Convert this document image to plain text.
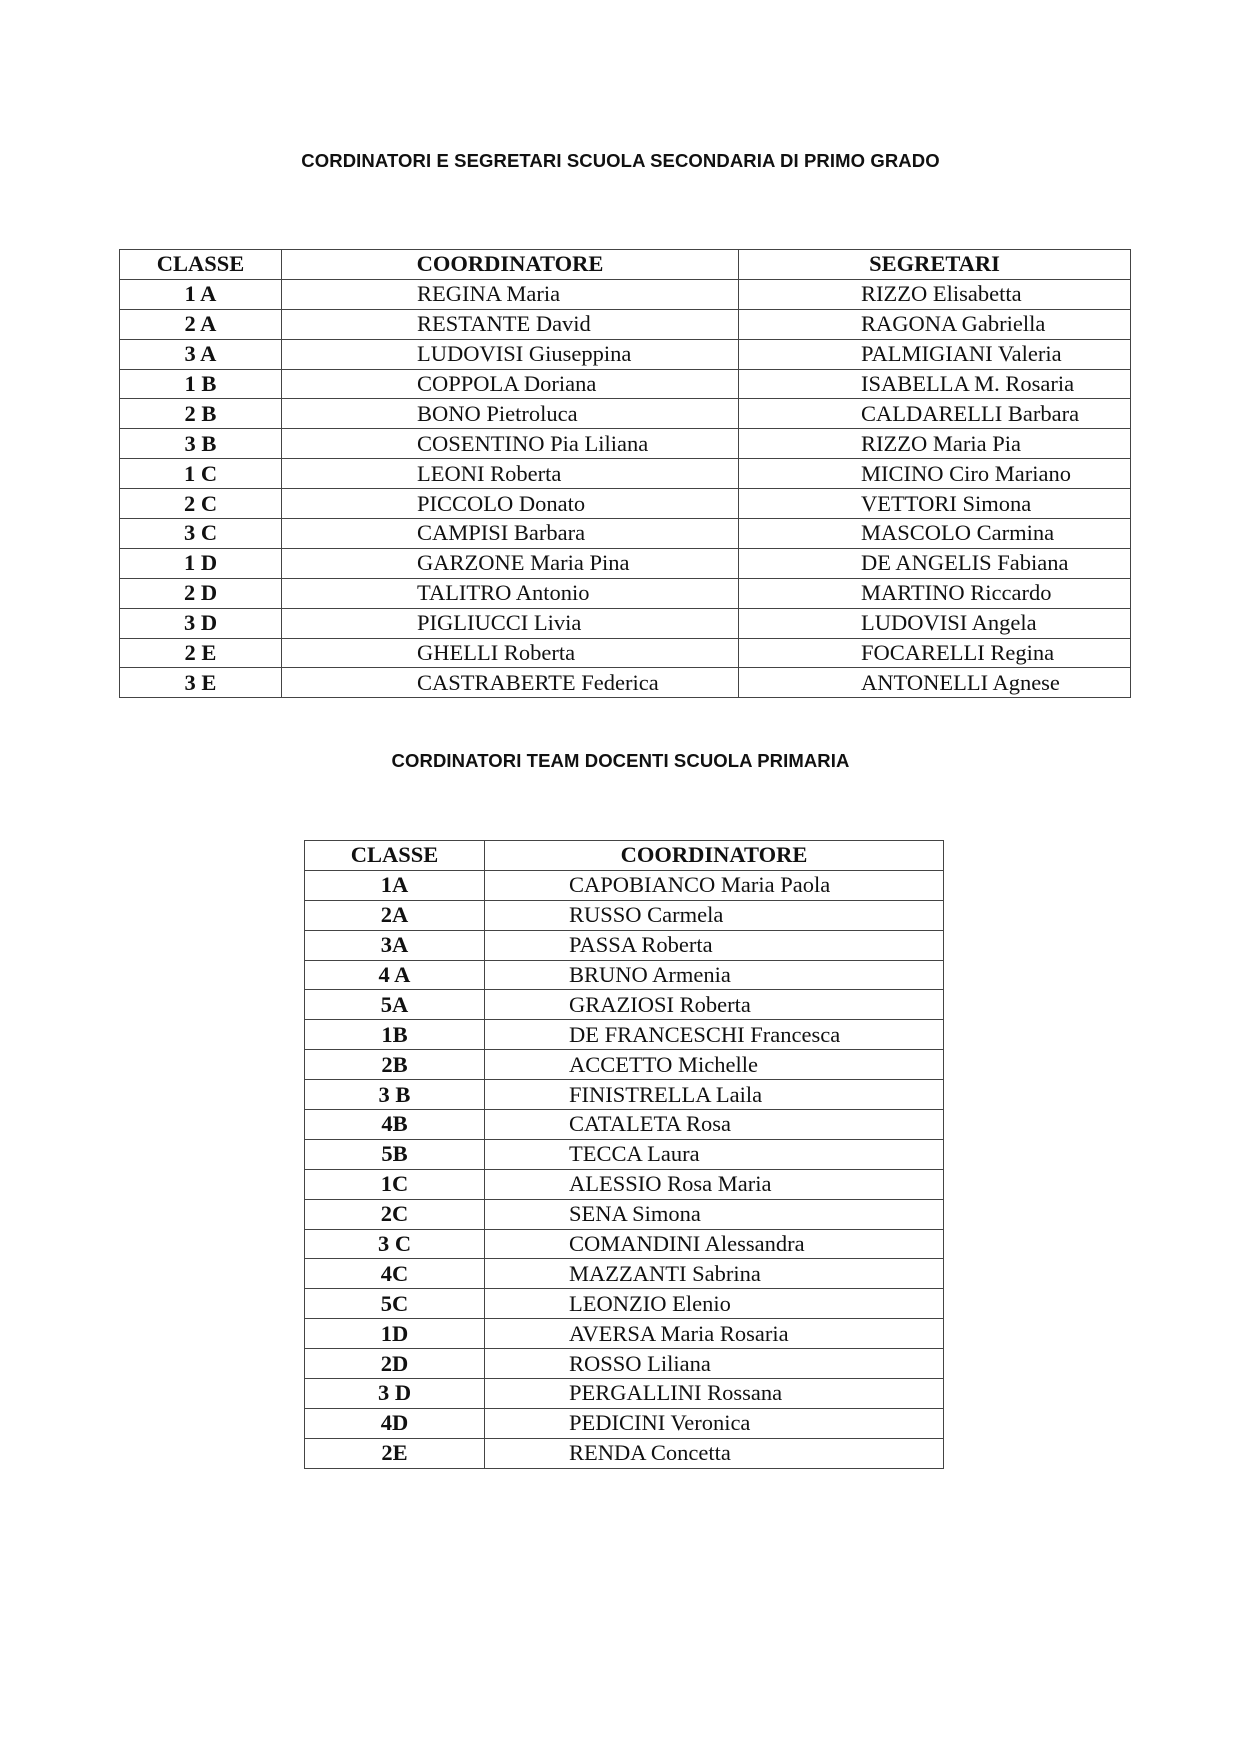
CORDINATORI E SEGRETARI SCUOLA SECONDARIA DI PRIMO GRADO
CLASSE	COORDINATORE	SEGRETARI
1 A	REGINA Maria	RIZZO Elisabetta
2 A	RESTANTE David	RAGONA Gabriella
3 A	LUDOVISI Giuseppina	PALMIGIANI Valeria
1 B	COPPOLA Doriana	ISABELLA M. Rosaria
2 B	BONO Pietroluca	CALDARELLI Barbara
3 B	COSENTINO Pia Liliana	RIZZO Maria Pia
1 C	LEONI Roberta	MICINO Ciro Mariano
2 C	PICCOLO Donato	VETTORI Simona
3 C	CAMPISI Barbara	MASCOLO Carmina
1 D	GARZONE Maria Pina	DE ANGELIS Fabiana
2 D	TALITRO Antonio	MARTINO Riccardo
3 D	PIGLIUCCI Livia	LUDOVISI Angela
2 E	GHELLI Roberta	FOCARELLI Regina
3 E	CASTRABERTE Federica	ANTONELLI Agnese
CORDINATORI TEAM DOCENTI SCUOLA PRIMARIA
CLASSE	COORDINATORE
1A	CAPOBIANCO Maria Paola
2A	RUSSO Carmela
3A	PASSA Roberta
4 A	BRUNO Armenia
5A	GRAZIOSI Roberta
1B	DE FRANCESCHI Francesca
2B	ACCETTO Michelle
3 B	FINISTRELLA Laila
4B	CATALETA Rosa
5B	TECCA Laura
1C	ALESSIO Rosa Maria
2C	SENA Simona
3 C	COMANDINI Alessandra
4C	MAZZANTI Sabrina
5C	LEONZIO Elenio
1D	AVERSA Maria Rosaria
2D	ROSSO Liliana
3 D	PERGALLINI Rossana
4D	PEDICINI Veronica
2E	RENDA Concetta
